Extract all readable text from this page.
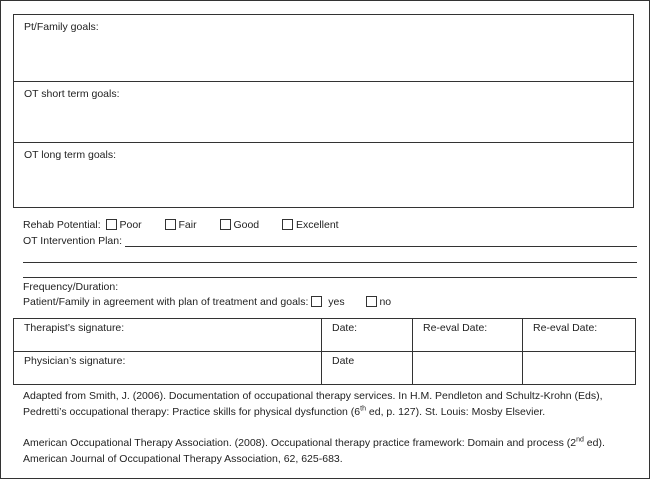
Pt/Family goals:
OT short term goals:
OT long term goals:
Rehab Potential: Poor	Fair	Good	Excellent
OT Intervention Plan:
Frequency/Duration:
Patient/Family in agreement with plan of treatment and goals: yes	no
Therapist’s signature:	Date:	Re-eval Date:	Re-eval Date:
Physician’s signature:	Date		
Adapted from Smith, J. (2006). Documentation of occupational therapy services. In H.M. Pendleton and Schultz-Krohn (Eds),
Pedretti’s occupational therapy: Practice skills for physical dysfunction (6th ed, p. 127). St. Louis: Mosby Elsevier.
American Occupational Therapy Association. (2008). Occupational therapy practice framework: Domain and process (2nd ed).
American Journal of Occupational Therapy Association, 62, 625-683.
